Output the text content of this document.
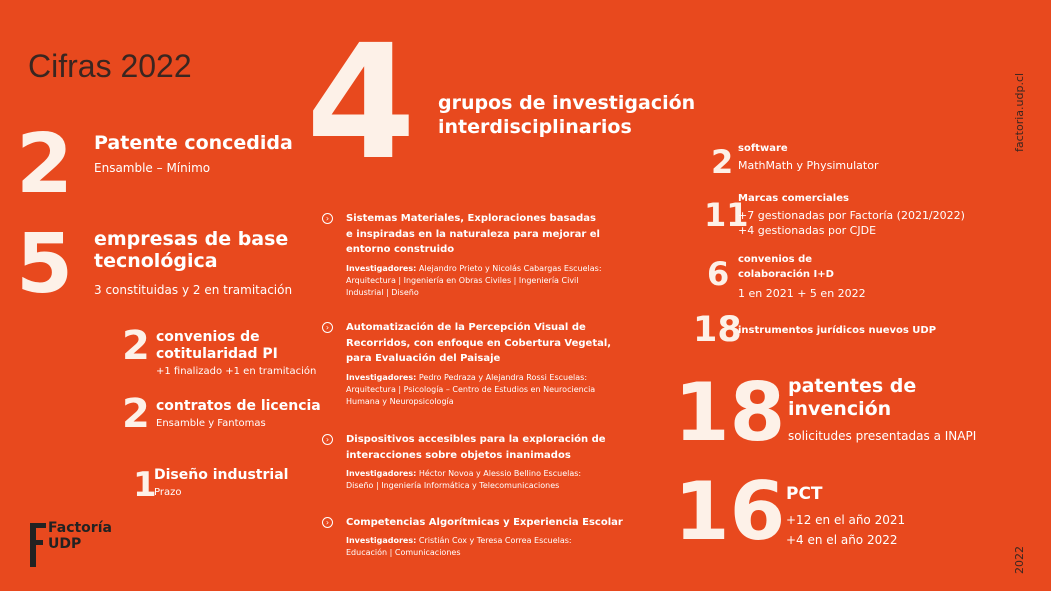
Cifras 2022
factoria.udp.cl
2022
2 Patente concedida
Ensamble – Mínimo
5 empresas de base
tecnológica
3 constituidas y 2 en tramitación
2 convenios de
cotitularidad PI
+1 finalizado +1 en tramitación
2 contratos de licencia
Ensamble y Fantomas
1
Diseño industrial
Prazo
Factoría
UDP
4 grupos de investigación
interdisciplinarios
›	Sistemas Materiales, Exploraciones basadas
e inspiradas en la naturaleza para mejorar el
entorno construido
Investigadores: Alejandro Prieto y Nicolás Cabargas Escuelas:
Arquitectura | Ingeniería en Obras Civiles | Ingeniería Civil
Industrial | Diseño
›	Automatización de la Percepción Visual de
Recorridos, con enfoque en Cobertura Vegetal,
para Evaluación del Paisaje
Investigadores: Pedro Pedraza y Alejandra Rossi Escuelas:
Arquitectura | Psicología – Centro de Estudios en Neurociencia
Humana y Neuropsicología
›	Dispositivos accesibles para la exploración de
interacciones sobre objetos inanimados
Investigadores: Héctor Novoa y Alessio Bellino Escuelas:
Diseño | Ingeniería Informática y Telecomunicaciones
›	Competencias Algorítmicas y Experiencia Escolar
Investigadores: Cristián Cox y Teresa Correa Escuelas:
Educación | Comunicaciones
2 software
MathMath y Physimulator
11
Marcas comerciales
+7 gestionadas por Factoría (2021/2022)
+4 gestionadas por CJDE
6 convenios de
colaboración I+D
1 en 2021 + 5 en 2022
18
instrumentos jurídicos nuevos UDP
18 patentes de
invención
solicitudes presentadas a INAPI
16 PCT
+12 en el año 2021
+4 en el año 2022
